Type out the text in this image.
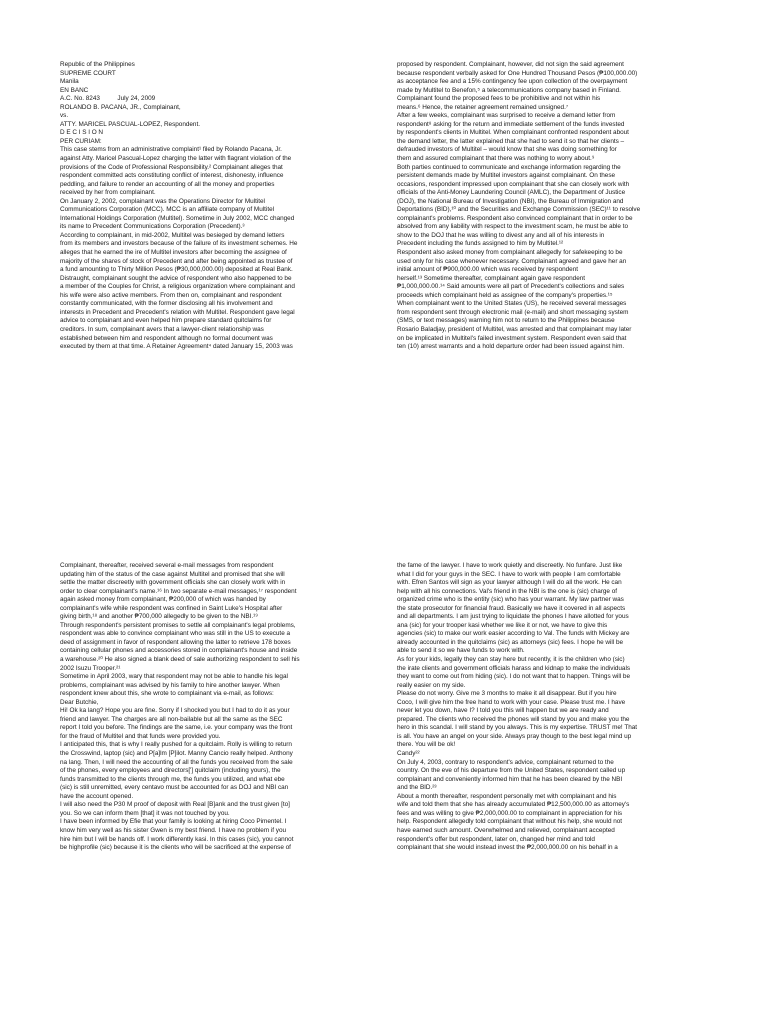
Republic of the Philippines
SUPREME COURT
Manila
EN BANC
A.C. No. 8243          July 24, 2009
ROLANDO B. PACANA, JR., Complainant,
vs.
ATTY. MARICEL PASCUAL-LOPEZ, Respondent.
D E C I S I O N
PER CURIAM:
This case stems from an administrative complaint¹ filed by Rolando Pacana, Jr.
against Atty. Maricel Pascual-Lopez charging the latter with flagrant violation of the
provisions of the Code of Professional Responsibility.² Complainant alleges that
respondent committed acts constituting conflict of interest, dishonesty, influence
peddling, and failure to render an accounting of all the money and properties
received by her from complainant.
On January 2, 2002, complainant was the Operations Director for Multitel
Communications Corporation (MCC). MCC is an affiliate company of Multitel
International Holdings Corporation (Multitel). Sometime in July 2002, MCC changed
its name to Precedent Communications Corporation (Precedent).³
According to complainant, in mid-2002, Multitel was besieged by demand letters
from its members and investors because of the failure of its investment schemes. He
alleges that he earned the ire of Multitel investors after becoming the assignee of
majority of the shares of stock of Precedent and after being appointed as trustee of
a fund amounting to Thirty Million Pesos (₱30,000,000.00) deposited at Real Bank.
Distraught, complainant sought the advice of respondent who also happened to be
a member of the Couples for Christ, a religious organization where complainant and
his wife were also active members. From then on, complainant and respondent
constantly communicated, with the former disclosing all his involvement and
interests in Precedent and Precedent's relation with Multitel. Respondent gave legal
advice to complainant and even helped him prepare standard quitclaims for
creditors. In sum, complainant avers that a lawyer-client relationship was
established between him and respondent although no formal document was
executed by them at that time. A Retainer Agreement⁴ dated January 15, 2003 was
proposed by respondent. Complainant, however, did not sign the said agreement
because respondent verbally asked for One Hundred Thousand Pesos (₱100,000.00)
as acceptance fee and a 15% contingency fee upon collection of the overpayment
made by Multitel to Benefon,⁵ a telecommunications company based in Finland.
Complainant found the proposed fees to be prohibitive and not within his
means.⁶ Hence, the retainer agreement remained unsigned.⁷
After a few weeks, complainant was surprised to receive a demand letter from
respondent⁸ asking for the return and immediate settlement of the funds invested
by respondent's clients in Multitel. When complainant confronted respondent about
the demand letter, the latter explained that she had to send it so that her clients –
defrauded investors of Multitel – would know that she was doing something for
them and assured complainant that there was nothing to worry about.⁹
Both parties continued to communicate and exchange information regarding the
persistent demands made by Multitel investors against complainant. On these
occasions, respondent impressed upon complainant that she can closely work with
officials of the Anti-Money Laundering Council (AMLC), the Department of Justice
(DOJ), the National Bureau of Investigation (NBI), the Bureau of Immigration and
Deportations (BID),¹⁰ and the Securities and Exchange Commission (SEC)¹¹ to resolve
complainant's problems. Respondent also convinced complainant that in order to be
absolved from any liability with respect to the investment scam, he must be able to
show to the DOJ that he was willing to divest any and all of his interests in
Precedent including the funds assigned to him by Multitel.¹²
Respondent also asked money from complainant allegedly for safekeeping to be
used only for his case whenever necessary. Complainant agreed and gave her an
initial amount of ₱900,000.00 which was received by respondent
herself.¹³ Sometime thereafter, complainant again gave respondent
₱1,000,000.00.¹⁴ Said amounts were all part of Precedent's collections and sales
proceeds which complainant held as assignee of the company's properties.¹⁵
When complainant went to the United States (US), he received several messages
from respondent sent through electronic mail (e-mail) and short messaging system
(SMS, or text messages) warning him not to return to the Philippines because
Rosario Baladjay, president of Multitel, was arrested and that complainant may later
on be implicated in Multitel's failed investment system. Respondent even said that
ten (10) arrest warrants and a hold departure order had been issued against him.
Complainant, thereafter, received several e-mail messages from respondent
updating him of the status of the case against Multitel and promised that she will
settle the matter discreetly with government officials she can closely work with in
order to clear complainant's name.¹⁶ In two separate e-mail messages,¹⁷ respondent
again asked money from complainant, ₱200,000 of which was handed by
complainant's wife while respondent was confined in Saint Luke's Hospital after
giving birth,¹⁸ and another ₱700,000 allegedly to be given to the NBI.¹⁹
Through respondent's persistent promises to settle all complainant's legal problems,
respondent was able to convince complainant who was still in the US to execute a
deed of assignment in favor of respondent allowing the latter to retrieve 178 boxes
containing cellular phones and accessories stored in complainant's house and inside
a warehouse.²⁰ He also signed a blank deed of sale authorizing respondent to sell his
2002 Isuzu Trooper.²¹
Sometime in April 2003, wary that respondent may not be able to handle his legal
problems, complainant was advised by his family to hire another lawyer. When
respondent knew about this, she wrote to complainant via e-mail, as follows:
Dear Butchie,
Hi! Ok ka lang? Hope you are fine. Sorry if I shocked you but I had to do it as your
friend and lawyer. The charges are all non-bailable but all the same as the SEC
report I told you before. The findings are the same, i.e. your company was the front
for the fraud of Multitel and that funds were provided you.
I anticipated this, that is why I really pushed for a quitclaim. Rolly is willing to return
the Crosswind, laptop (sic) and P[a]lm [P]ilot. Manny Cancio really helped. Anthony
na lang. Then, I will need the accounting of all the funds you received from the sale
of the phones, every employees and directors['] quitclaim (including yours), the
funds transmitted to the clients through me, the funds you utilized, and what ebe
(sic) is still unremitted, every centavo must be accounted for as DOJ and NBI can
have the account opened.
I will also need the P30 M proof of deposit with Real [B]ank and the trust given [to]
you. So we can inform them [that] it was not touched by you.
I have been informed by Efie that your family is looking at hiring Coco Pimentel. I
know him very well as his sister Gwen is my best friend. I have no problem if you
hire him but I will be hands off. I work differently kasi. In this cases (sic), you cannot
be highprofile (sic) because it is the clients who will be sacrificed at the expense of
the fame of the lawyer. I have to work quietly and discreetly. No funfare. Just like
what I did for your guys in the SEC. I have to work with people I am comfortable
with. Efren Santos will sign as your lawyer although I will do all the work. He can
help with all his connections. Val's friend in the NBI is the one is (sic) charge of
organized crime who is the entity (sic) who has your warrant. My law partner was
the state prosecutor for financial fraud. Basically we have it covered in all aspects
and all departments. I am just trying to liquidate the phones I have allotted for yous
ana (sic) for your trooper kasi whether we like it or not, we have to give this
agencies (sic) to make our work easier according to Val. The funds with Mickey are
already accounted in the quitclaims (sic) as attorneys (sic) fees. I hope he will be
able to send it so we have funds to work with.
As for your kids, legally they can stay here but recently, it is the children who (sic)
the irate clients and government officials harass and kidnap to make the individuals
they want to come out from hiding (sic). I do not want that to happen. Things will be
really easier on my side.
Please do not worry. Give me 3 months to make it all disappear. But if you hire
Coco, I will give him the free hand to work with your case. Please trust me. I have
never let you down, have I? I told you this will happen but we are ready and
prepared. The clients who received the phones will stand by you and make you the
hero in this scandal. I will stand by you always. This is my expertise. TRUST me! That
is all. You have an angel on your side. Always pray though to the best legal mind up
there. You will be ok!
Candy²²
On July 4, 2003, contrary to respondent's advice, complainant returned to the
country. On the eve of his departure from the United States, respondent called up
complainant and conveniently informed him that he has been cleared by the NBI
and the BID.²³
About a month thereafter, respondent personally met with complainant and his
wife and told them that she has already accumulated ₱12,500,000.00 as attorney's
fees and was willing to give ₱2,000,000.00 to complainant in appreciation for his
help. Respondent allegedly told complainant that without his help, she would not
have earned such amount. Overwhelmed and relieved, complainant accepted
respondent's offer but respondent, later on, changed her mind and told
complainant that she would instead invest the ₱2,000,000.00 on his behalf in a
